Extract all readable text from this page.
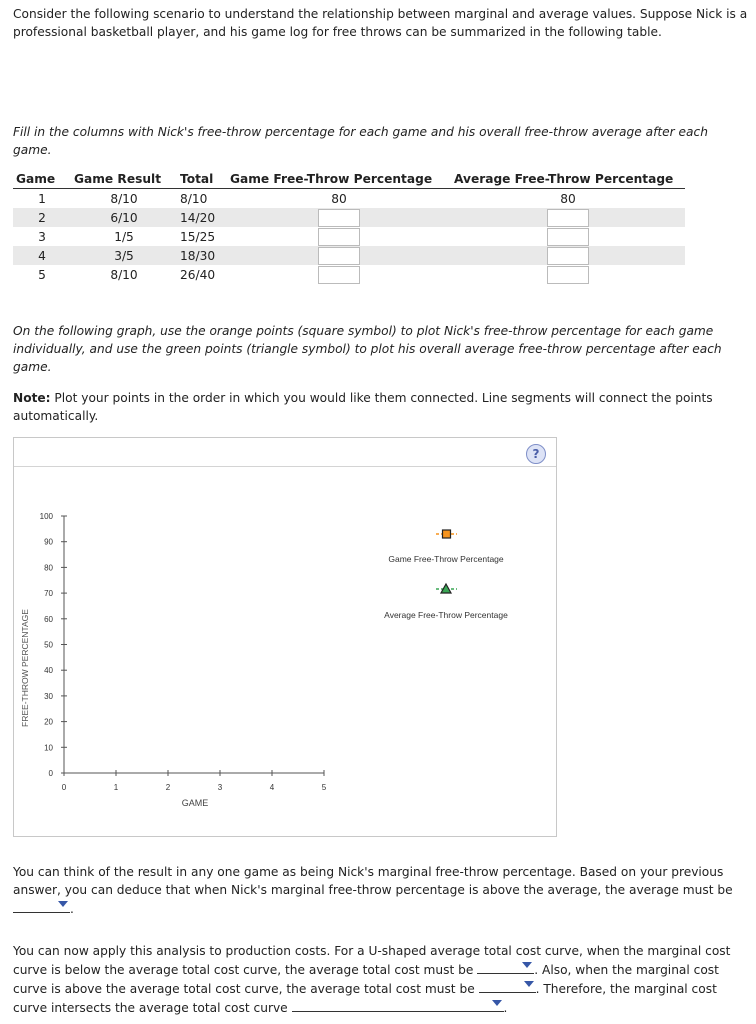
Consider the following scenario to understand the relationship between marginal and average values. Suppose Nick is a professional basketball player, and his game log for free throws can be summarized in the following table.
Fill in the columns with Nick's free-throw percentage for each game and his overall free-throw average after each game.
Game	Game Result	Total	Game Free-Throw Percentage	Average Free-Throw Percentage
1	8/10	8/10	80	80
2	6/10	14/20		
3	1/5	15/25		
4	3/5	18/30		
5	8/10	26/40		
On the following graph, use the orange points (square symbol) to plot Nick's free-throw percentage for each game individually, and use the green points (triangle symbol) to plot his overall average free-throw percentage after each game.
Note: Plot your points in the order in which you would like them connected. Line segments will connect the points automatically.
?
0
10
20
30
40
50
60
70
80
90
100
0	1	2	3	4	5
FREE-THROW PERCENTAGE
GAME
Game Free-Throw Percentage
Average Free-Throw Percentage
You can think of the result in any one game as being Nick's marginal free-throw percentage. Based on your previous answer, you can deduce that when Nick's marginal free-throw percentage is above the average, the average must be
.
You can now apply this analysis to production costs. For a U-shaped average total cost curve, when the marginal cost curve is below the average total cost curve, the average total cost must be	. Also, when the marginal cost curve is above the average total cost curve, the average total cost must be	. Therefore, the marginal cost curve intersects the average total cost curve	.
